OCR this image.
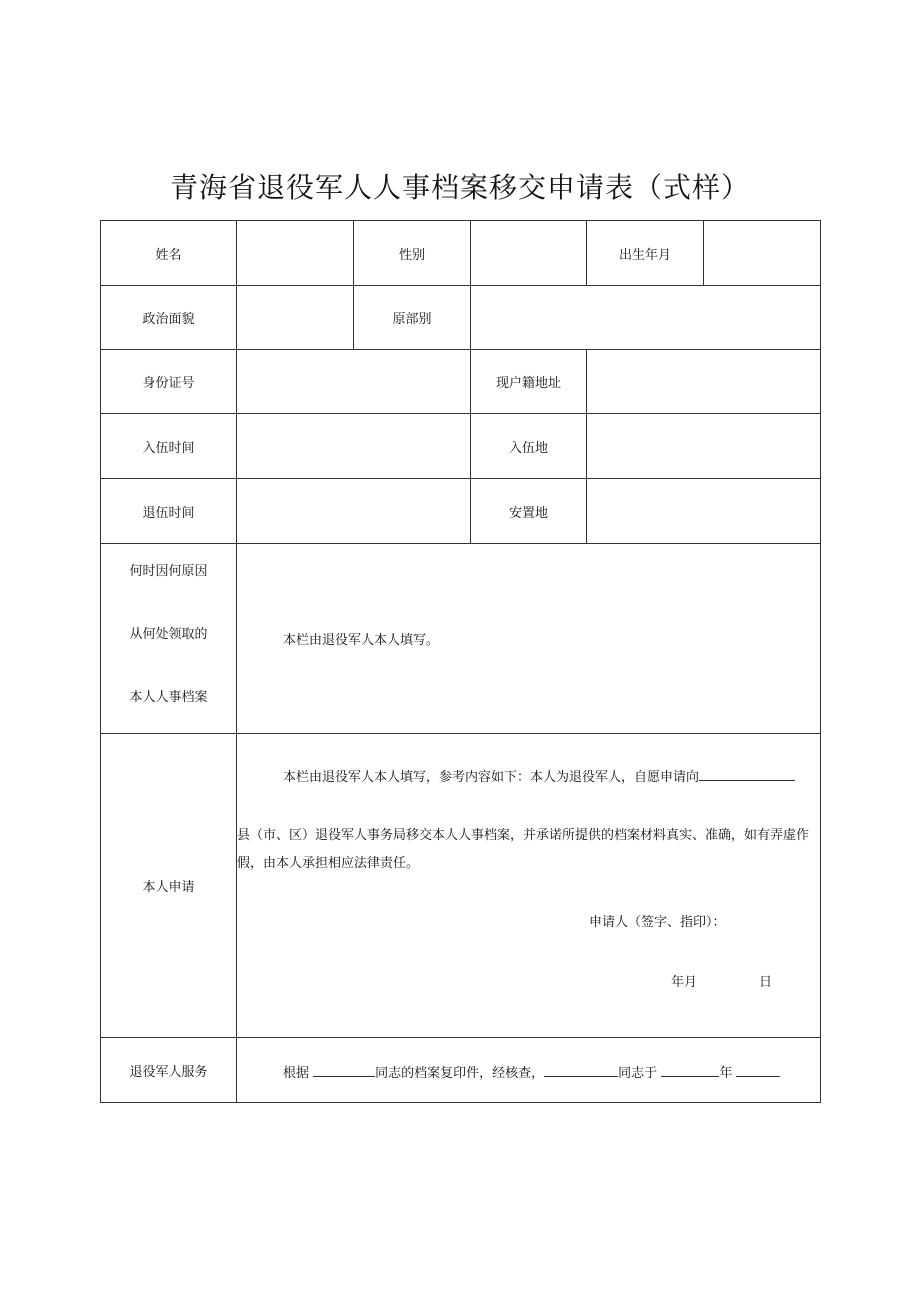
青海省退役军人人事档案移交申请表（式样）
姓名		性别		出生年月	
政治面貌		原部别			
身份证号			现户籍地址		
入伍时间			入伍地		
退伍时间			安置地		

何时因何原因
从何处领取的
本人人事档案	本栏由退役军人本人填写。				
本人申请	本栏由退役军人本人填写，参考内容如下：本人为退役军人，自愿申请向
县（市、区）退役军人事务局移交本人人事档案，并承诺所提供的档案材料真实、准确，如有弄虚作
假，由本人承担相应法律责任。
申请人（签字、指印）：
年月 日				

退役军人服务	根据 同志的档案复印件，经核查， 同志于 年				
